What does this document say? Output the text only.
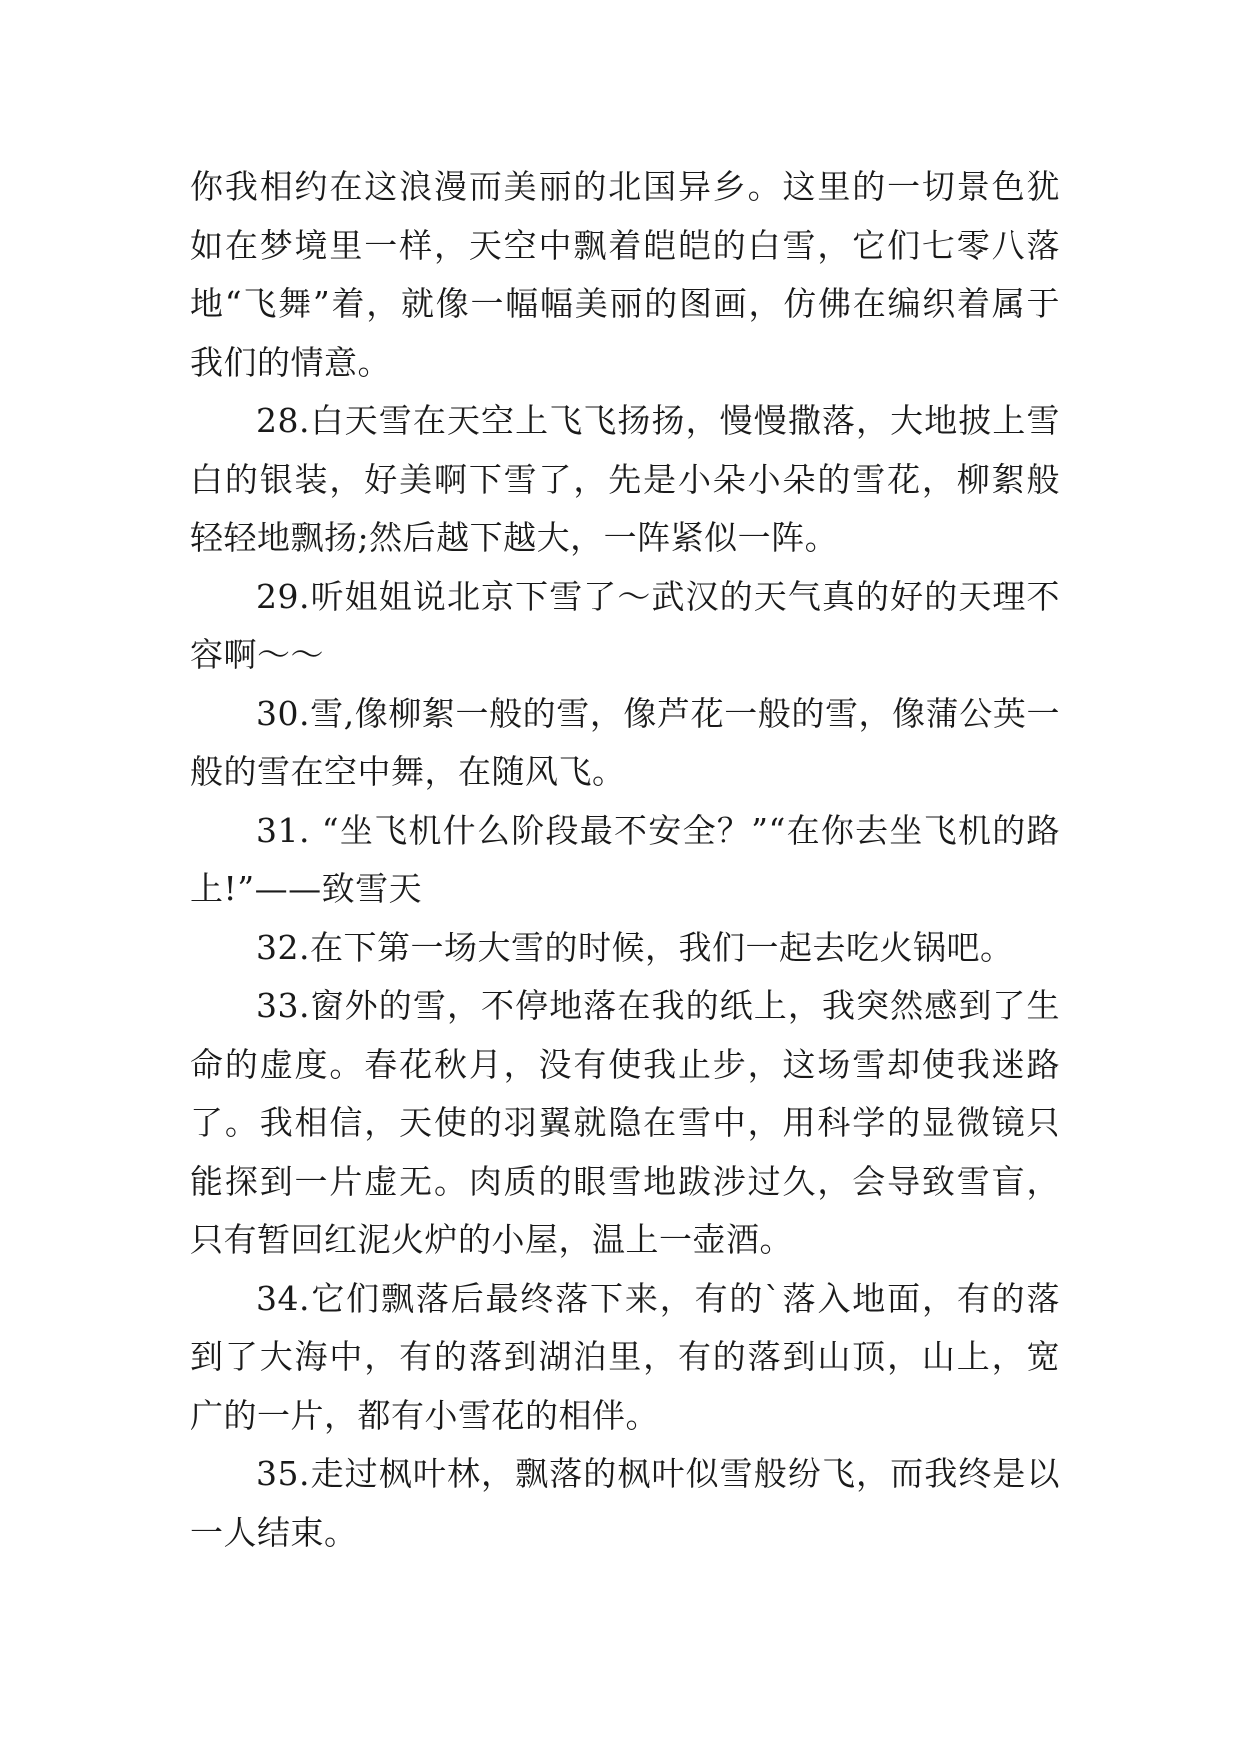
你我相约在这浪漫而美丽的北国异乡。这里的一切景色犹如在梦境里一样，天空中飘着皑皑的白雪，它们七零八落地“飞舞”着，就像一幅幅美丽的图画，仿佛在编织着属于我们的情意。

28.白天雪在天空上飞飞扬扬，慢慢撒落，大地披上雪白的银装，好美啊下雪了，先是小朵小朵的雪花，柳絮般轻轻地飘扬;然后越下越大，一阵紧似一阵。

29.听姐姐说北京下雪了～武汉的天气真的好的天理不容啊～～

30.雪,像柳絮一般的雪，像芦花一般的雪，像蒲公英一般的雪在空中舞，在随风飞。

31. “坐飞机什么阶段最不安全？”“在你去坐飞机的路上!”——致雪天

32.在下第一场大雪的时候，我们一起去吃火锅吧。

33.窗外的雪，不停地落在我的纸上，我突然感到了生命的虚度。春花秋月，没有使我止步，这场雪却使我迷路了。我相信，天使的羽翼就隐在雪中，用科学的显微镜只能探到一片虚无。肉质的眼雪地跋涉过久，会导致雪盲，只有暂回红泥火炉的小屋，温上一壶酒。

34.它们飘落后最终落下来，有的`落入地面，有的落到了大海中，有的落到湖泊里，有的落到山顶，山上，宽广的一片，都有小雪花的相伴。

35.走过枫叶林，飘落的枫叶似雪般纷飞，而我终是以一人结束。
